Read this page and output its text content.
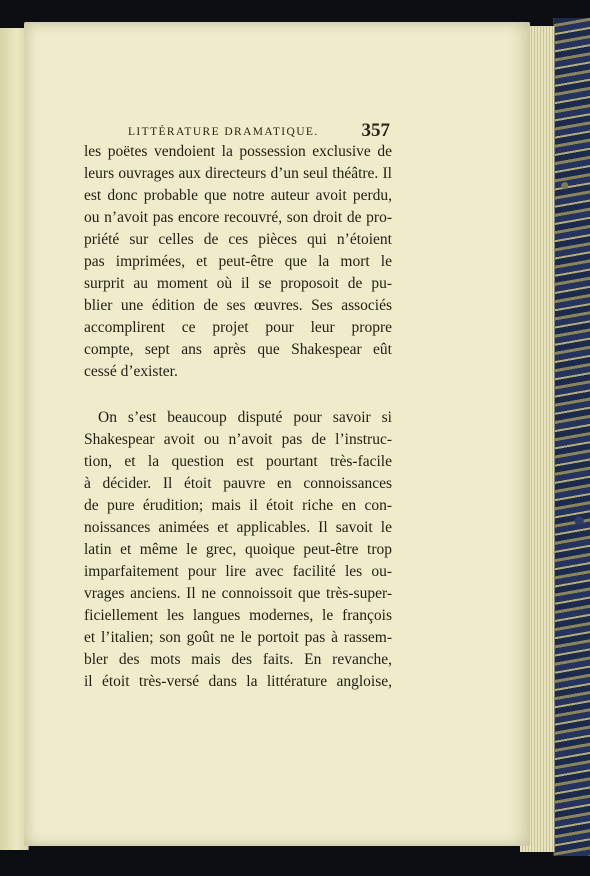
LITTÉRATURE DRAMATIQUE. 357
les poëtes vendoient la possession exclusive de
leurs ouvrages aux directeurs d’un seul théâtre. Il
est donc probable que notre auteur avoit perdu,
ou n’avoit pas encore recouvré, son droit de pro-
priété sur celles de ces pièces qui n’étoient
pas imprimées, et peut-être que la mort le
surprit au moment où il se proposoit de pu-
blier une édition de ses œuvres. Ses associés
accomplirent ce projet pour leur propre
compte, sept ans après que Shakespear eût
cessé d’exister.
On s’est beaucoup disputé pour savoir si
Shakespear avoit ou n’avoit pas de l’instruc-
tion, et la question est pourtant très-facile
à décider. Il étoit pauvre en connoissances
de pure érudition; mais il étoit riche en con-
noissances animées et applicables. Il savoit le
latin et même le grec, quoique peut-être trop
imparfaitement pour lire avec facilité les ou-
vrages anciens. Il ne connoissoit que très-super-
ficiellement les langues modernes, le françois
et l’italien; son goût ne le portoit pas à rassem-
bler des mots mais des faits. En revanche,
il étoit très-versé dans la littérature angloise,
